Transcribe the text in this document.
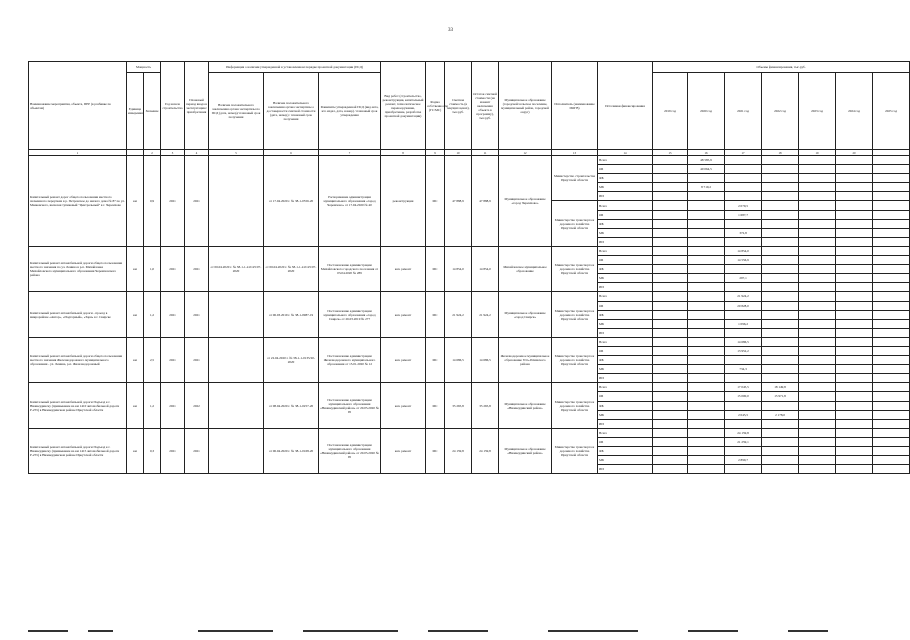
33
Наименование мероприятия, объекта, ПЕР (в разбивке по объектам)	Мощность		Год начала строительства	Плановый период ввода в эксплуатацию/приобретения	Информация о наличии утвержденной в установленном порядке проектной документации (ПСД)			Вид работ (строительство, реконструкция, капитальный ремонт, технологическое перевооружение, приобретение, разработка проектной документации)	Форма собственности (ГС/МС)	Сметная стоимость (в текущих ценах), тыс.руб.	Остаток сметной стоимости (на момент включения объекта в программу), тыс.руб.	Муниципальное образование (городской/сельское поселение, муниципальный район, городской округ)	Исполнитель (наименование ИОГВ)	Источники финансирования	Объемы финансирования, тыс.руб.						
	Единица измерения	Значение			Наличие положительного заключения органа экспертизы по ПСД (дата, номер)/ плановый срок получения	Наличие положительного заключения органа экспертизы о достоверности сметной стоимости (дата, номер) / плановый срок получения	Реквизиты утвержденной ПСД (вид акта, кто издал, дата, номер) / плановый срок утверждения								2019 год	2020 год	2021 год	2022 год	2023 год	2024 год	2025 год
1		2	3	4	5	6	7	8	9	10	11	12	13	14	15	16	17	18	19	20	
Капитальный ремонт дорог общего пользования местного значения по переулкам в р. Петровское до жилого дома № 87 по ул. Маяковского, включая тупиковый "Центральный" в г. Черемхово	км	0,9	2021	2021		от 17.04.2020 г. № 38-1-0556-20	Распоряжение администрации муниципального образования «город Черемхово» от 17.04.2020 № 40	реконструкция	МС	47 888,9	47 888,9	Муниципальное образование «город Черемхово»	Министерство строительства Иркутской области	Всего		48 585,9					
														ОБ		40 064,5					
														ФБ							
														МБ		8 719,2					
														ИИ							
													Министерство транспорта и дорожного хозяйства Иркутской области	Всего			2 079,5				
														ОБ			1 687,7				
														ФБ							
														МБ			372,8				
														ИИ							
Капитальный ремонт автомобильной дороги общего пользования местного значения по ул. Ленина в р.п. Михайловка Михайловского муниципального образования Черемховского района	км	1,0	2021	2021	от 06.04.2020 г. № 38-1-1-2-0125/07-2020	от 06.04.2020 г. № 38-1-1-2-0125/07-2020	Постановление администрации Михайловского городского поселения от 03.04.2020 № 289	кап. ремонт	МС	14 854,0	14 854,0	Михайловское муниципальное образование	Министерство транспорта и дорожного хозяйства Иркутской области	Всего			14 854,0				
														ОБ			14 556,9				
														ФБ							
														МБ			297,1				
														ИИ							
Капитальный ремонт автомобильной дороги - проезд в микрорайоне «Автор», «Подгорный», «Заря» в г. Свирске	км	1,2	2021	2021		от 06.03.2019 г. № 38-1-0987-19	Постановление администрации муниципального образования «город Свирск» от 26.03.2019 № 277	кап. ремонт	МС	21 924,2	21 924,2	Муниципальное образование «город Свирск»	Министерство транспорта и дорожного хозяйства Иркутской области	Всего			21 924,2				
														ОБ			20 828,0				
														ФБ							
														МБ			1 096,2				
														ИИ							
Капитальный ремонт автомобильной дороги общего пользования местного значения Железнодорожного муниципального образования - ул. Ленина, р.п. Железнодорожный	км	2,5	2021	2021		от 22.04.2020 г. № 38-1-1-0135/20-2020	Постановление администрации Железнодорожного муниципального образования от 15.01.2020 № 12	кап. ремонт	МС	14 686,5	14 686,5	Железнодорожное муниципальное образование Усть-Илимского района	Министерство транспорта и дорожного хозяйства Иркутской области	Всего			14 686,5				
														ОБ			13 952,2				
														ФБ							
														МБ			734,3				
														ИИ							
Капитальный ремонт автомобильной дороги Подъезд к г. Нижнеудинску (примыкание на км 1410 автомобильной дороги Р-255) в Нижнеудинском районе Иркутской области	км	1,2	2021	2022		от 08.04.2020 г. № 38-1-0257-20	Постановление администрации муниципального образования «Нижнеудинский район» от 20.05.2020 № 95	кап. ремонт	МС	35 265,8	35 265,8	Муниципальное образование «Нижнеудинский район»	Министерство транспорта и дорожного хозяйства Иркутской области	Всего			17 045,5	18 149,8			
														ОБ			15 000,0	15 971,8			
														ФБ							
														МБ			2 045,5	2 178,0			
														ИИ							
Капитальный ремонт автомобильной дороги Подъезд к г. Нижнеудинску (примыкание на км 1415 автомобильной дороги Р-255) в Нижнеудинском районе Иркутской области	км	0,3	2021	2021		от 06.04.2020 г. № 38-1-0168-20	Постановление администрации муниципального образования «Нижнеудинский район» от 20.05.2020 № 95	кап. ремонт	МС	24 159,8	24 159,8	Муниципальное образование «Нижнеудинский район»	Министерство транспорта и дорожного хозяйства Иркутской области	Всего			24 159,8				
														ОБ			21 259,1				
														ФБ							
														МБ			2 899,7				
														ИИ							
